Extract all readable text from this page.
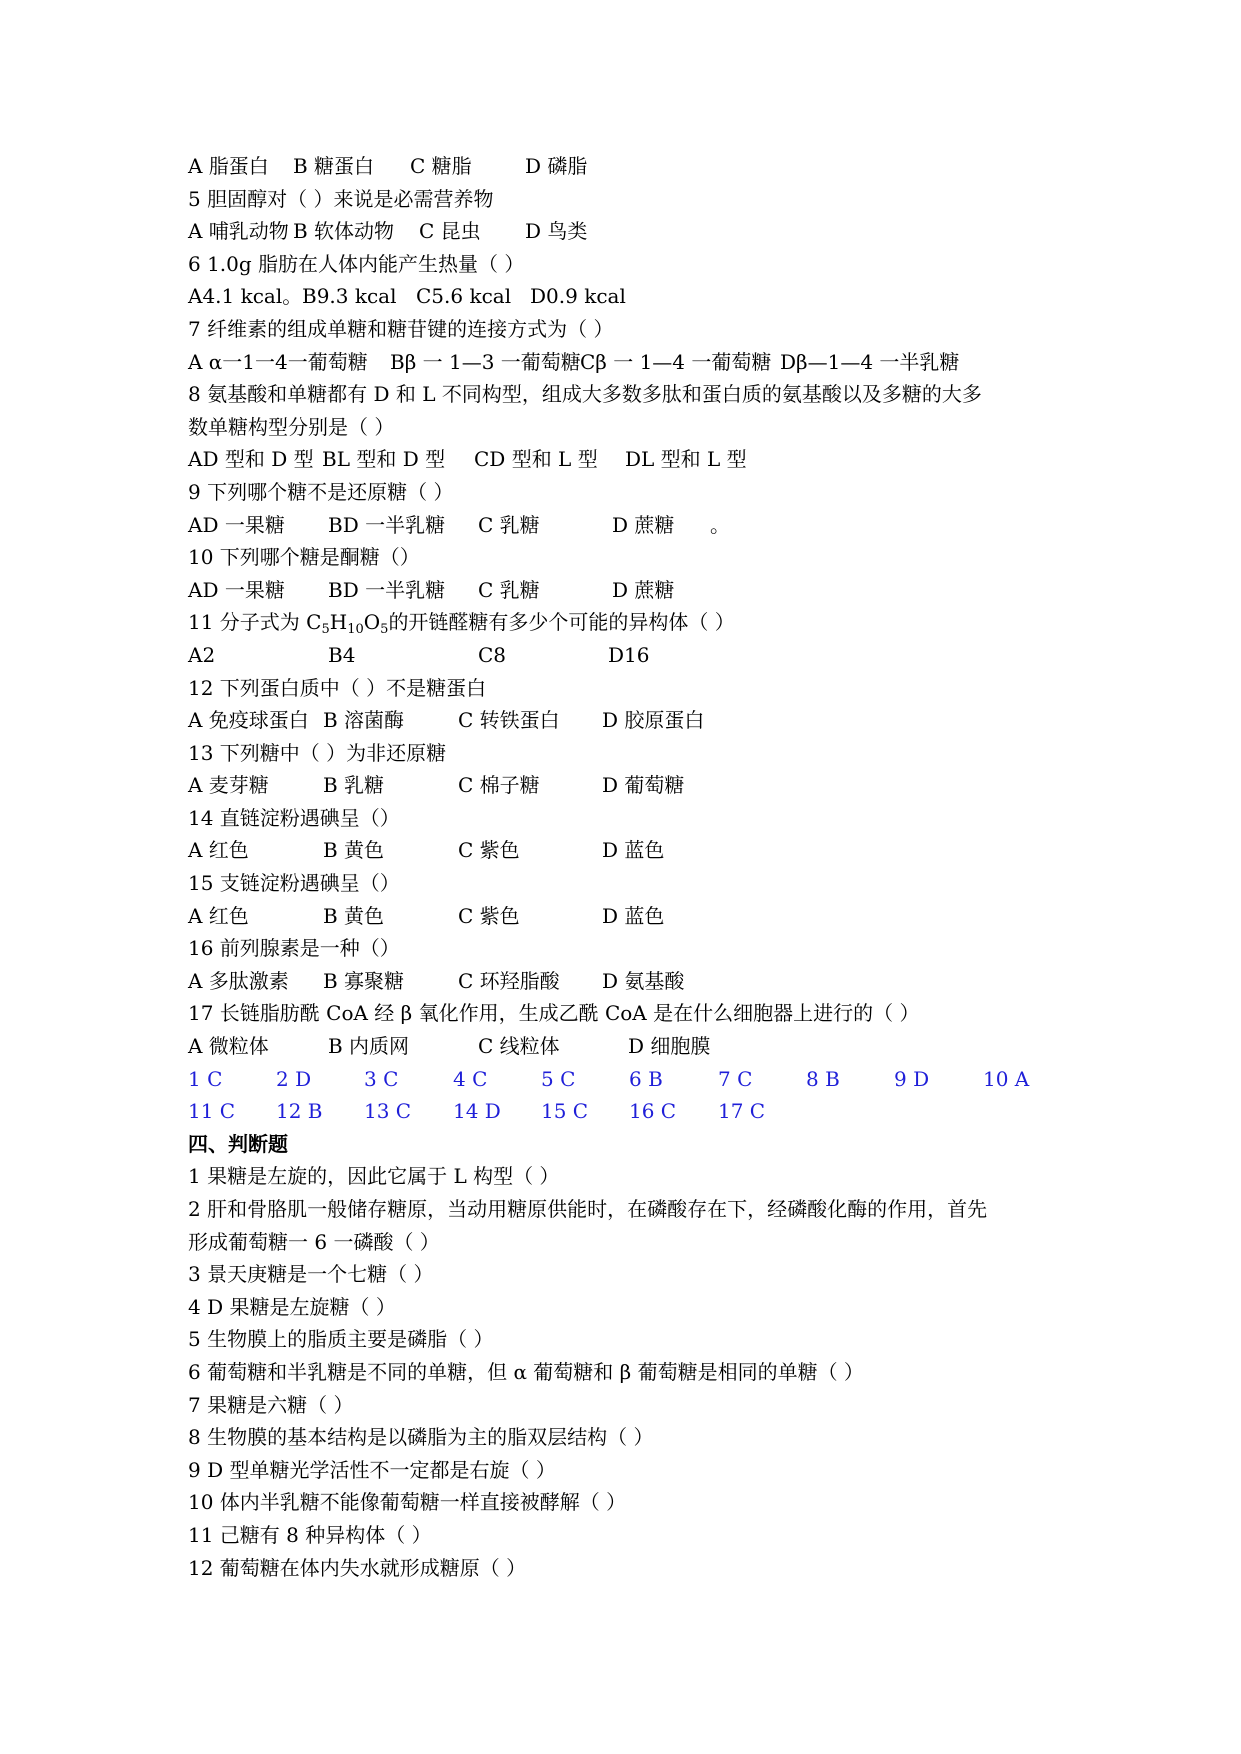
A 脂蛋白 B 糖蛋白 C 糖脂	D 磷脂
5 胆固醇对（ ）来说是必需营养物
A 哺乳动物 B 软体动物 C 昆虫 D 鸟类
6 1.0g 脂肪在人体内能产生热量（ ）
A4.1 kcal。 B9.3 kcal C5.6 kcal D0.9 kcal
7 纤维素的组成单糖和糖苷键的连接方式为（ ）
A α一1一4一葡萄糖 Bβ 一 1—3 一葡萄糖 Cβ 一 1—4 一葡萄糖 Dβ—1—4 一半乳糖
8 氨基酸和单糖都有 D 和 L 不同构型，组成大多数多肽和蛋白质的氨基酸以及多糖的大多
数单糖构型分别是（ ）
AD 型和 D 型 BL 型和 D 型 CD 型和 L 型 DL 型和 L 型
9 下列哪个糖不是还原糖（ ）
AD 一果糖 BD 一半乳糖 C 乳糖	D 蔗糖 。
10 下列哪个糖是酮糖（）
AD 一果糖 BD 一半乳糖 C 乳糖	D 蔗糖
11 分子式为 $C_5H_{10}O_5$的开链醛糖有多少个可能的异构体（ ）
A2	B4	C8	D16
12 下列蛋白质中（ ）不是糖蛋白
A 免疫球蛋白 B 溶菌酶	C 转铁蛋白 D 胶原蛋白
13 下列糖中（ ）为非还原糖
A 麦芽糖	B 乳糖	C 棉子糖	D 葡萄糖
14 直链淀粉遇碘呈（）
A 红色	B 黄色	C 紫色	D 蓝色
15 支链淀粉遇碘呈（）
A 红色	B 黄色	C 紫色	D 蓝色
16 前列腺素是一种（）
A 多肽激素 B 寡聚糖	C 环羟脂酸 D 氨基酸
17 长链脂肪酰 CoA 经 β 氧化作用，生成乙酰 CoA 是在什么细胞器上进行的（ ）
A 微粒体	B 内质网	C 线粒体	D 细胞膜
1 C	2 D	3 C	4 C	5 C	6 B	7 C	8 B	9 D	10 A
11 C 12 B 13 C 14 D 15 C 16 C 17 C
四、判断题
1 果糖是左旋的，因此它属于 L 构型（ ）
2 肝和骨胳肌一般储存糖原，当动用糖原供能时，在磷酸存在下，经磷酸化酶的作用，首先
形成葡萄糖一 6 一磷酸（ ）
3 景天庚糖是一个七糖（ ）
4 D 果糖是左旋糖（ ）
5 生物膜上的脂质主要是磷脂（ ）
6 葡萄糖和半乳糖是不同的单糖，但 α 葡萄糖和 β 葡萄糖是相同的单糖（ ）
7 果糖是六糖（ ）
8 生物膜的基本结构是以磷脂为主的脂双层结构（ ）
9 D 型单糖光学活性不一定都是右旋（ ）
10 体内半乳糖不能像葡萄糖一样直接被酵解（ ）
11 己糖有 8 种异构体（ ）
12 葡萄糖在体内失水就形成糖原（ ）
